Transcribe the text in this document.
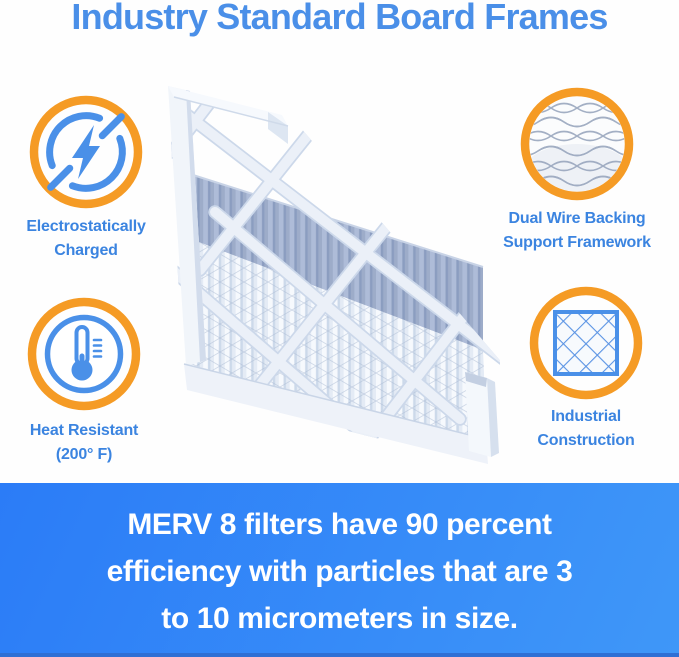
Industry Standard Board Frames
Electrostatically
Charged
Dual Wire Backing
Support Framework
Heat Resistant
(200° F)
Industrial
Construction

MERV 8 filters have 90 percent
efficiency with particles that are 3
to 10 micrometers in size.
